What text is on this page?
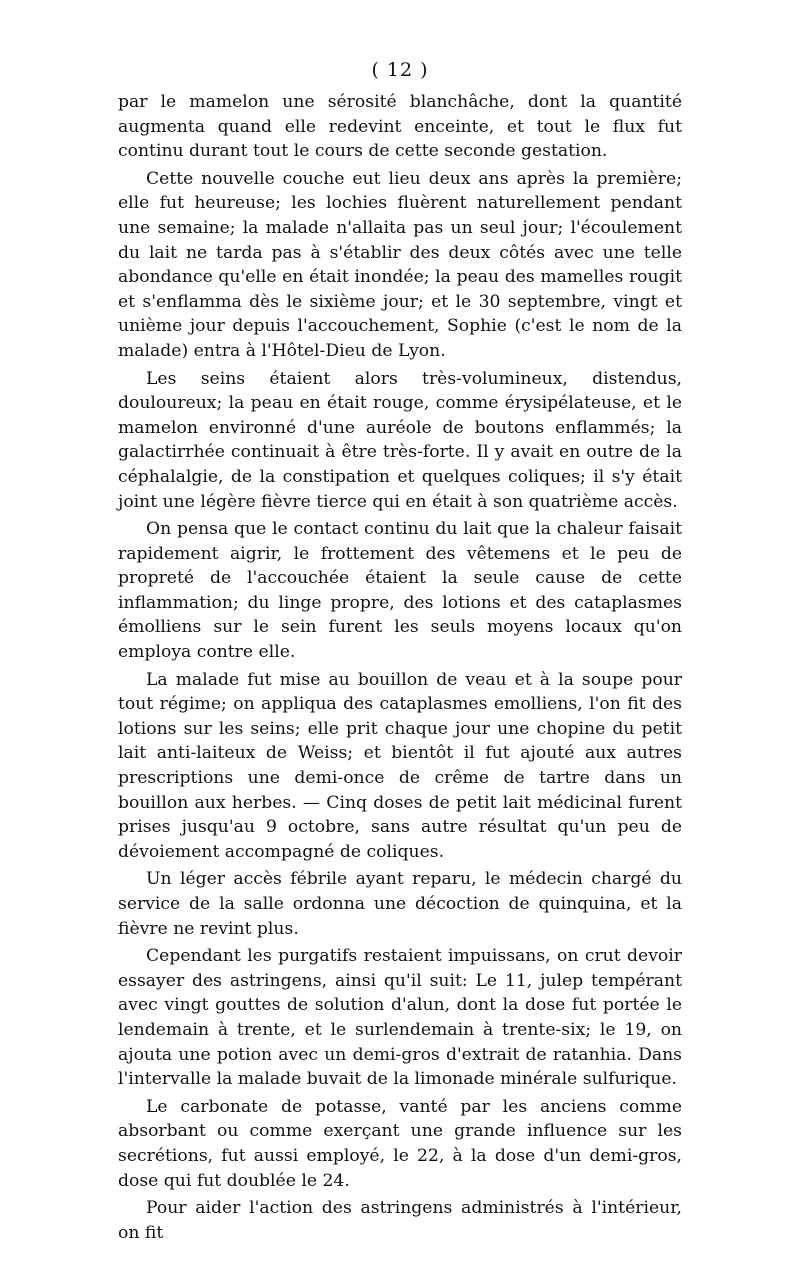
( 12 )

par le mamelon une sérosité blanchâche, dont la quantité augmenta quand elle redevint enceinte, et tout le flux fut continu durant tout le cours de cette seconde gestation.

Cette nouvelle couche eut lieu deux ans après la première; elle fut heureuse; les lochies fluèrent naturellement pendant une semaine; la malade n'allaita pas un seul jour; l'écoulement du lait ne tarda pas à s'établir des deux côtés avec une telle abondance qu'elle en était inondée; la peau des mamelles rougit et s'enflamma dès le sixième jour; et le 30 septembre, vingt et unième jour depuis l'accouchement, Sophie (c'est le nom de la malade) entra à l'Hôtel-Dieu de Lyon.

Les seins étaient alors très-volumineux, distendus, douloureux; la peau en était rouge, comme érysipélateuse, et le mamelon environné d'une auréole de boutons enflammés; la galactirrhée continuait à être très-forte. Il y avait en outre de la céphalalgie, de la constipation et quelques coliques; il s'y était joint une légère fièvre tierce qui en était à son quatrième accès.

On pensa que le contact continu du lait que la chaleur faisait rapidement aigrir, le frottement des vêtemens et le peu de propreté de l'accouchée étaient la seule cause de cette inflammation; du linge propre, des lotions et des cataplasmes émolliens sur le sein furent les seuls moyens locaux qu'on employa contre elle.

La malade fut mise au bouillon de veau et à la soupe pour tout régime; on appliqua des cataplasmes emolliens, l'on fit des lotions sur les seins; elle prit chaque jour une chopine du petit lait anti-laiteux de Weiss; et bientôt il fut ajouté aux autres prescriptions une demi-once de crême de tartre dans un bouillon aux herbes. — Cinq doses de petit lait médicinal furent prises jusqu'au 9 octobre, sans autre résultat qu'un peu de dévoiement accompagné de coliques.

Un léger accès fébrile ayant reparu, le médecin chargé du service de la salle ordonna une décoction de quinquina, et la fièvre ne revint plus.

Cependant les purgatifs restaient impuissans, on crut devoir essayer des astringens, ainsi qu'il suit: Le 11, julep tempérant avec vingt gouttes de solution d'alun, dont la dose fut portée le lendemain à trente, et le surlendemain à trente-six; le 19, on ajouta une potion avec un demi-gros d'extrait de ratanhia. Dans l'intervalle la malade buvait de la limonade minérale sulfurique.

Le carbonate de potasse, vanté par les anciens comme absorbant ou comme exerçant une grande influence sur les secrétions, fut aussi employé, le 22, à la dose d'un demi-gros, dose qui fut doublée le 24.

Pour aider l'action des astringens administrés à l'intérieur, on fit
